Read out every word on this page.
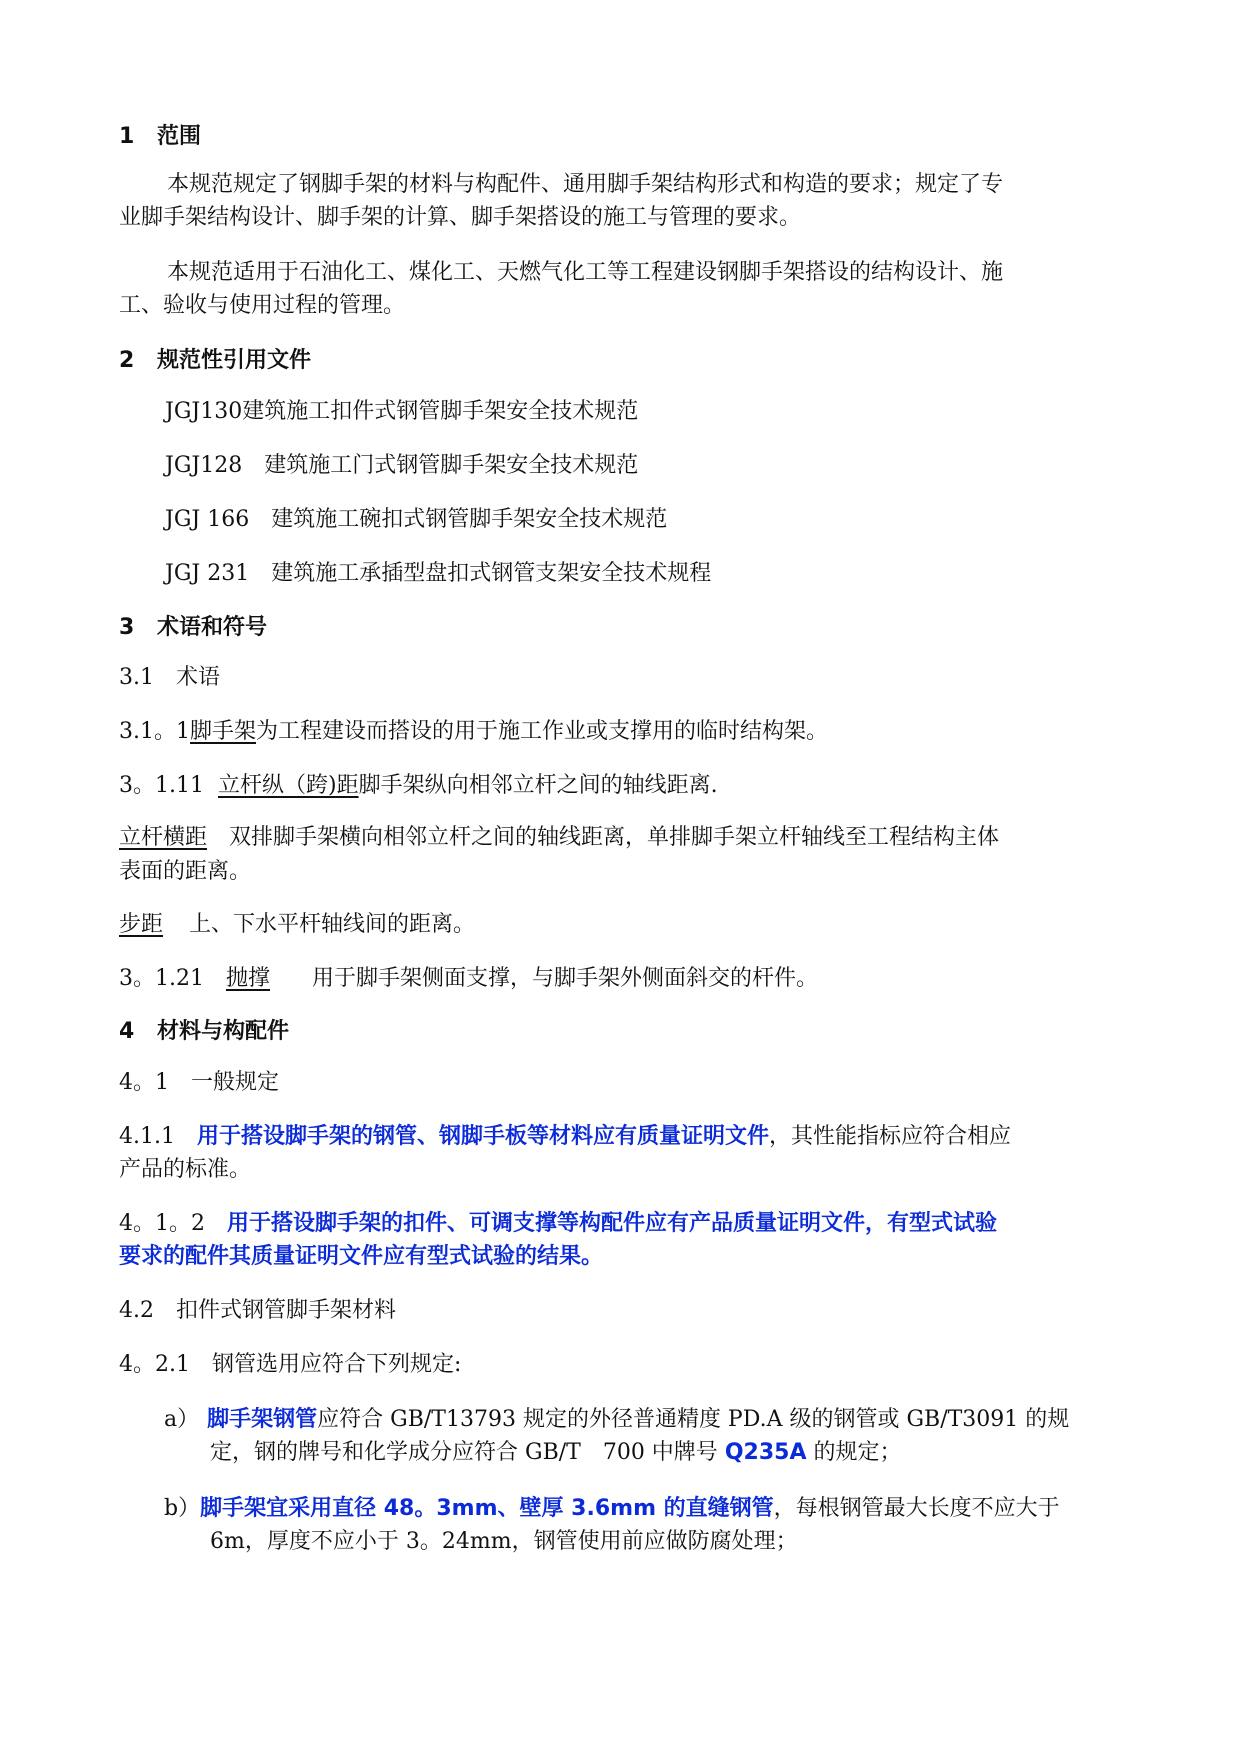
1 范围
本规范规定了钢脚手架的材料与构配件、通用脚手架结构形式和构造的要求；规定了专
业脚手架结构设计、脚手架的计算、脚手架搭设的施工与管理的要求。
本规范适用于石油化工、煤化工、天燃气化工等工程建设钢脚手架搭设的结构设计、施
工、验收与使用过程的管理。
2 规范性引用文件
JGJ130建筑施工扣件式钢管脚手架安全技术规范
JGJ128 建筑施工门式钢管脚手架安全技术规范
JGJ 166 建筑施工碗扣式钢管脚手架安全技术规范
JGJ 231 建筑施工承插型盘扣式钢管支架安全技术规程
3 术语和符号
3.1　术语
3.1。1脚手架为工程建设而搭设的用于施工作业或支撑用的临时结构架。
3。1.11 立杆纵（跨)距脚手架纵向相邻立杆之间的轴线距离.
立杆横距 双排脚手架横向相邻立杆之间的轴线距离，单排脚手架立杆轴线至工程结构主体
表面的距离。
步距 上、下水平杆轴线间的距离。
3。1.21 抛撑 用于脚手架侧面支撑，与脚手架外侧面斜交的杆件。
4 材料与构配件
4。1　一般规定
4.1.1 用于搭设脚手架的钢管、钢脚手板等材料应有质量证明文件，其性能指标应符合相应
产品的标准。
4。1。2 用于搭设脚手架的扣件、可调支撑等构配件应有产品质量证明文件，有型式试验
要求的配件其质量证明文件应有型式试验的结果。
4.2　扣件式钢管脚手架材料
4。2.1　钢管选用应符合下列规定:
a） 脚手架钢管应符合 GB/T13793 规定的外径普通精度 PD.A 级的钢管或 GB/T3091 的规
定，钢的牌号和化学成分应符合 GB/T　700 中牌号 Q235A 的规定；
b）脚手架宜采用直径 48。3mm、壁厚 3.6mm 的直缝钢管，每根钢管最大长度不应大于
6m，厚度不应小于 3。24mm，钢管使用前应做防腐处理；
